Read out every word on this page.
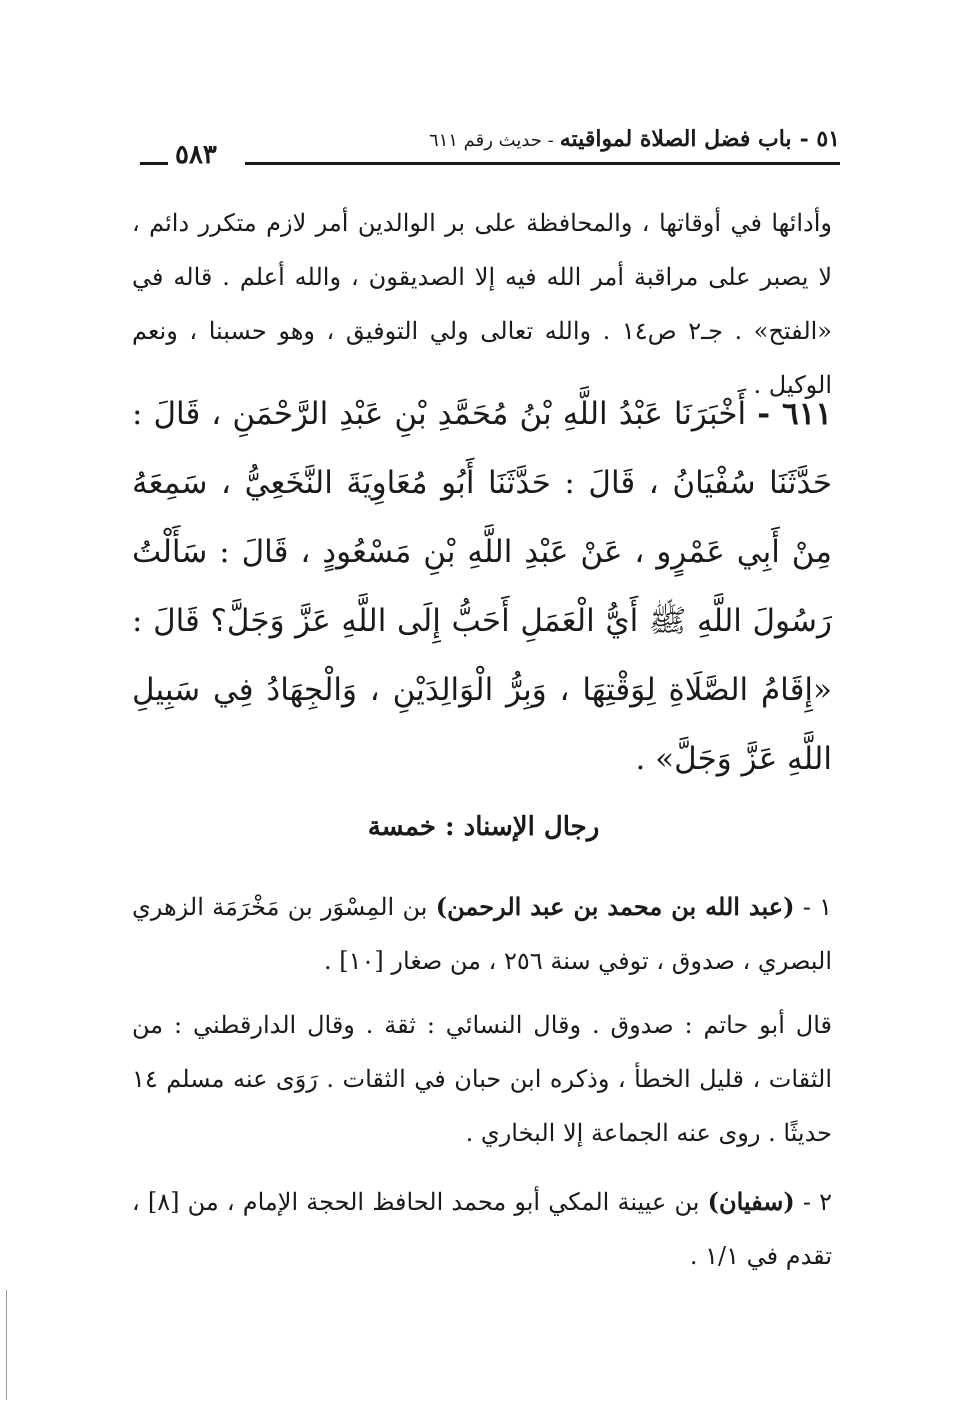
٥١ -باب فضل الصلاة لمواقيته- حديث رقم ٦١١
٥٨٣

وأدائها في أوقاتها ، والمحافظة على بر الوالدين أمر لازم متكرر دائم ، لا يصبر على مراقبة أمر الله فيه إلا الصديقون ، والله أعلم . قاله في «الفتح» . جـ٢ ص١٤ . والله تعالى ولي التوفيق ، وهو حسبنا ، ونعم الوكيل .

٦١١ - أَخْبَرَنَا عَبْدُ اللَّهِ بْنُ مُحَمَّدِ بْنِ عَبْدِ الرَّحْمَنِ ، قَالَ : حَدَّثَنَا سُفْيَانُ ، قَالَ : حَدَّثَنَا أَبُو مُعَاوِيَةَ النَّخَعِيُّ ، سَمِعَهُ مِنْ أَبِي عَمْرٍو ، عَنْ عَبْدِ اللَّهِ بْنِ مَسْعُودٍ ، قَالَ : سَأَلْتُ رَسُولَ اللَّهِ ﷺ أَيُّ الْعَمَلِ أَحَبُّ إِلَى اللَّهِ عَزَّ وَجَلَّ؟ قَالَ : «إِقَامُ الصَّلَاةِ لِوَقْتِهَا ، وَبِرُّ الْوَالِدَيْنِ ، وَالْجِهَادُ فِي سَبِيلِ اللَّهِ عَزَّ وَجَلَّ» .

رجال الإسناد : خمسة

١ - (عبد الله بن محمد بن عبد الرحمن) بن المِسْوَر بن مَخْرَمَة الزهري البصري ، صدوق ، توفي سنة ٢٥٦ ، من صغار [١٠] .

قال أبو حاتم : صدوق . وقال النسائي : ثقة . وقال الدارقطني : من الثقات ، قليل الخطأ ، وذكره ابن حبان في الثقات . رَوَى عنه مسلم ١٤ حديثًا . روى عنه الجماعة إلا البخاري .

٢ - (سفيان) بن عيينة المكي أبو محمد الحافظ الحجة الإمام ، من [٨] ، تقدم في ١/١ .
